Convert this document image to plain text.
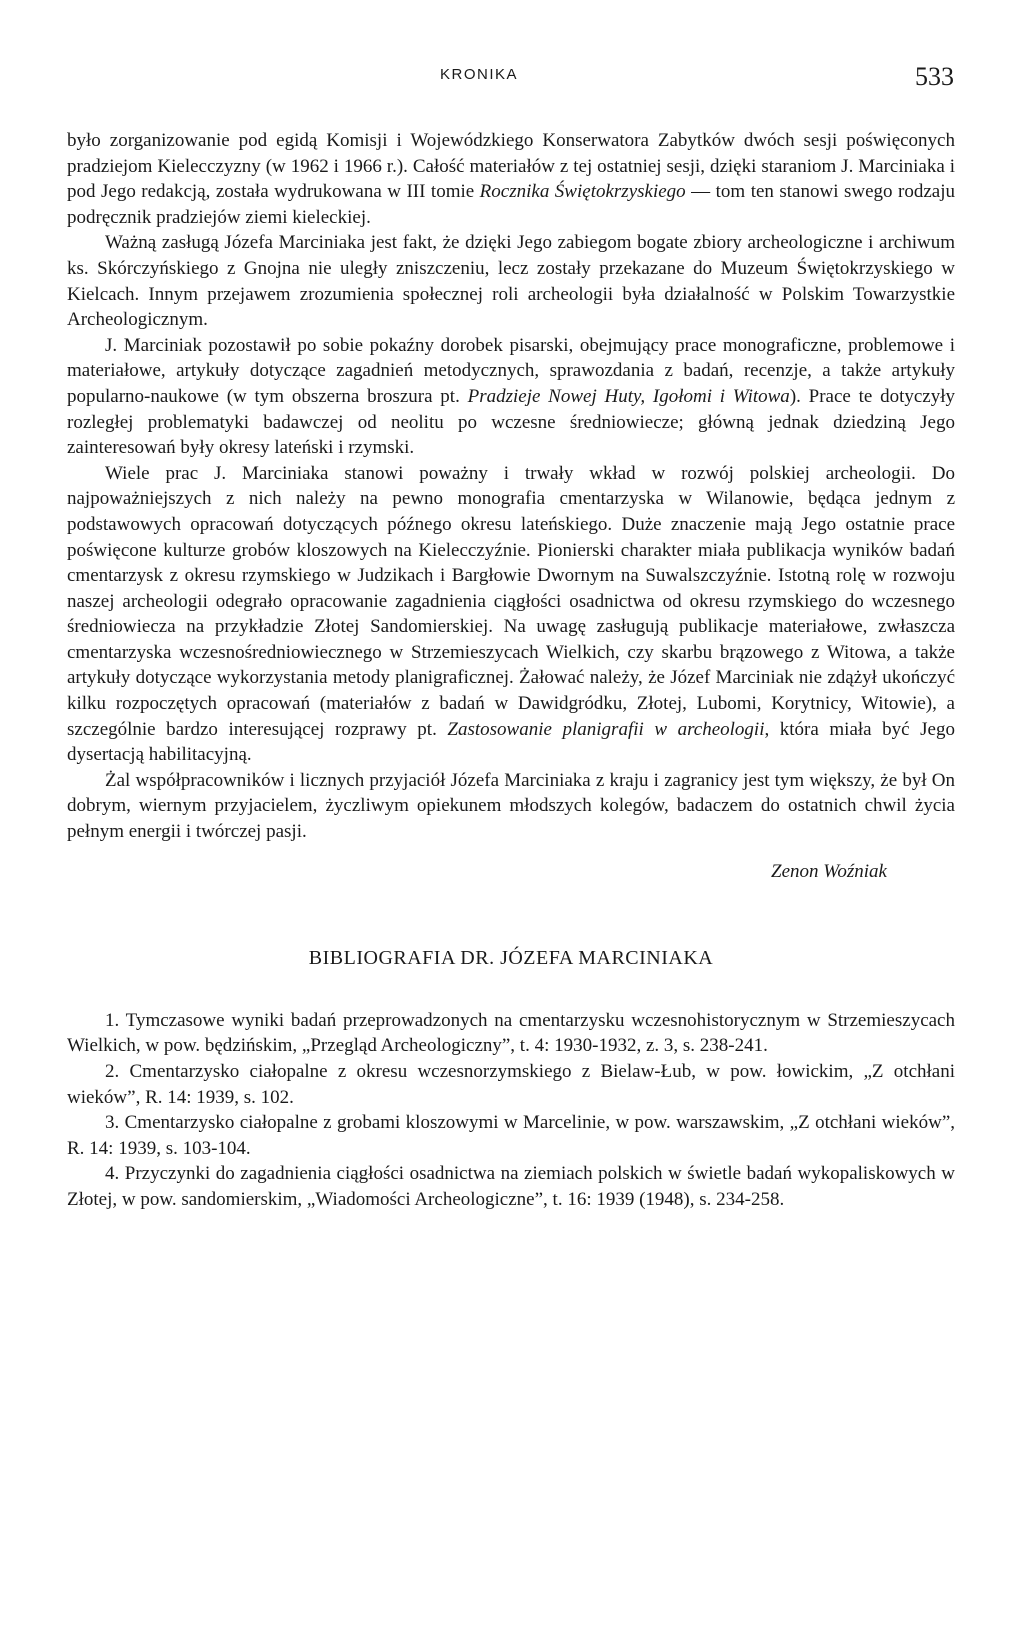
KRONIKA	533

było zorganizowanie pod egidą Komisji i Wojewódzkiego Konserwatora Zabytków dwóch sesji poświęconych pradziejom Kielecczyzny (w 1962 i 1966 r.). Całość materiałów z tej ostatniej sesji, dzięki staraniom J. Marciniaka i pod Jego redakcją, została wydrukowana w III tomie Rocznika Świętokrzyskiego — tom ten stanowi swego rodzaju podręcznik pradziejów ziemi kieleckiej.

Ważną zasługą Józefa Marciniaka jest fakt, że dzięki Jego zabiegom bogate zbiory archeologiczne i archiwum ks. Skórczyńskiego z Gnojna nie uległy zniszczeniu, lecz zostały przekazane do Muzeum Świętokrzyskiego w Kielcach. Innym przejawem zrozumienia społecznej roli archeologii była działalność w Polskim Towarzystkie Archeologicznym.

J. Marciniak pozostawił po sobie pokaźny dorobek pisarski, obejmujący prace monograficzne, problemowe i materiałowe, artykuły dotyczące zagadnień metodycznych, sprawozdania z badań, recenzje, a także artykuły popularno-naukowe (w tym obszerna broszura pt. Pradzieje Nowej Huty, Igołomi i Witowa). Prace te dotyczyły rozległej problematyki badawczej od neolitu po wczesne średniowiecze; główną jednak dziedziną Jego zainteresowań były okresy lateński i rzymski.

Wiele prac J. Marciniaka stanowi poważny i trwały wkład w rozwój polskiej archeologii. Do najpoważniejszych z nich należy na pewno monografia cmentarzyska w Wilanowie, będąca jednym z podstawowych opracowań dotyczących późnego okresu lateńskiego. Duże znaczenie mają Jego ostatnie prace poświęcone kulturze grobów kloszowych na Kielecczyźnie. Pionierski charakter miała publikacja wyników badań cmentarzysk z okresu rzymskiego w Judzikach i Bargłowie Dwornym na Suwalszczyźnie. Istotną rolę w rozwoju naszej archeologii odegrało opracowanie zagadnienia ciągłości osadnictwa od okresu rzymskiego do wczesnego średniowiecza na przykładzie Złotej Sandomierskiej. Na uwagę zasługują publikacje materiałowe, zwłaszcza cmentarzyska wczesnośredniowiecznego w Strzemieszycach Wielkich, czy skarbu brązowego z Witowa, a także artykuły dotyczące wykorzystania metody planigraficznej. Żałować należy, że Józef Marciniak nie zdążył ukończyć kilku rozpoczętych opracowań (materiałów z badań w Dawidgródku, Złotej, Lubomi, Korytnicy, Witowie), a szczególnie bardzo interesującej rozprawy pt. Zastosowanie planigrafii w archeologii, która miała być Jego dysertacją habilitacyjną.

Żal współpracowników i licznych przyjaciół Józefa Marciniaka z kraju i zagranicy jest tym większy, że był On dobrym, wiernym przyjacielem, życzliwym opiekunem młodszych kolegów, badaczem do ostatnich chwil życia pełnym energii i twórczej pasji.

Zenon Woźniak
BIBLIOGRAFIA DR. JÓZEFA MARCINIAKA

1. Tymczasowe wyniki badań przeprowadzonych na cmentarzysku wczesnohistorycznym w Strzemieszycach Wielkich, w pow. będzińskim, „Przegląd Archeologiczny”, t. 4: 1930-1932, z. 3, s. 238-241.

2. Cmentarzysko ciałopalne z okresu wczesnorzymskiego z Bielaw-Łub, w pow. łowickim, „Z otchłani wieków”, R. 14: 1939, s. 102.

3. Cmentarzysko ciałopalne z grobami kloszowymi w Marcelinie, w pow. warszawskim, „Z otchłani wieków”, R. 14: 1939, s. 103-104.

4. Przyczynki do zagadnienia ciągłości osadnictwa na ziemiach polskich w świetle badań wykopaliskowych w Złotej, w pow. sandomierskim, „Wiadomości Archeologiczne”, t. 16: 1939 (1948), s. 234-258.
